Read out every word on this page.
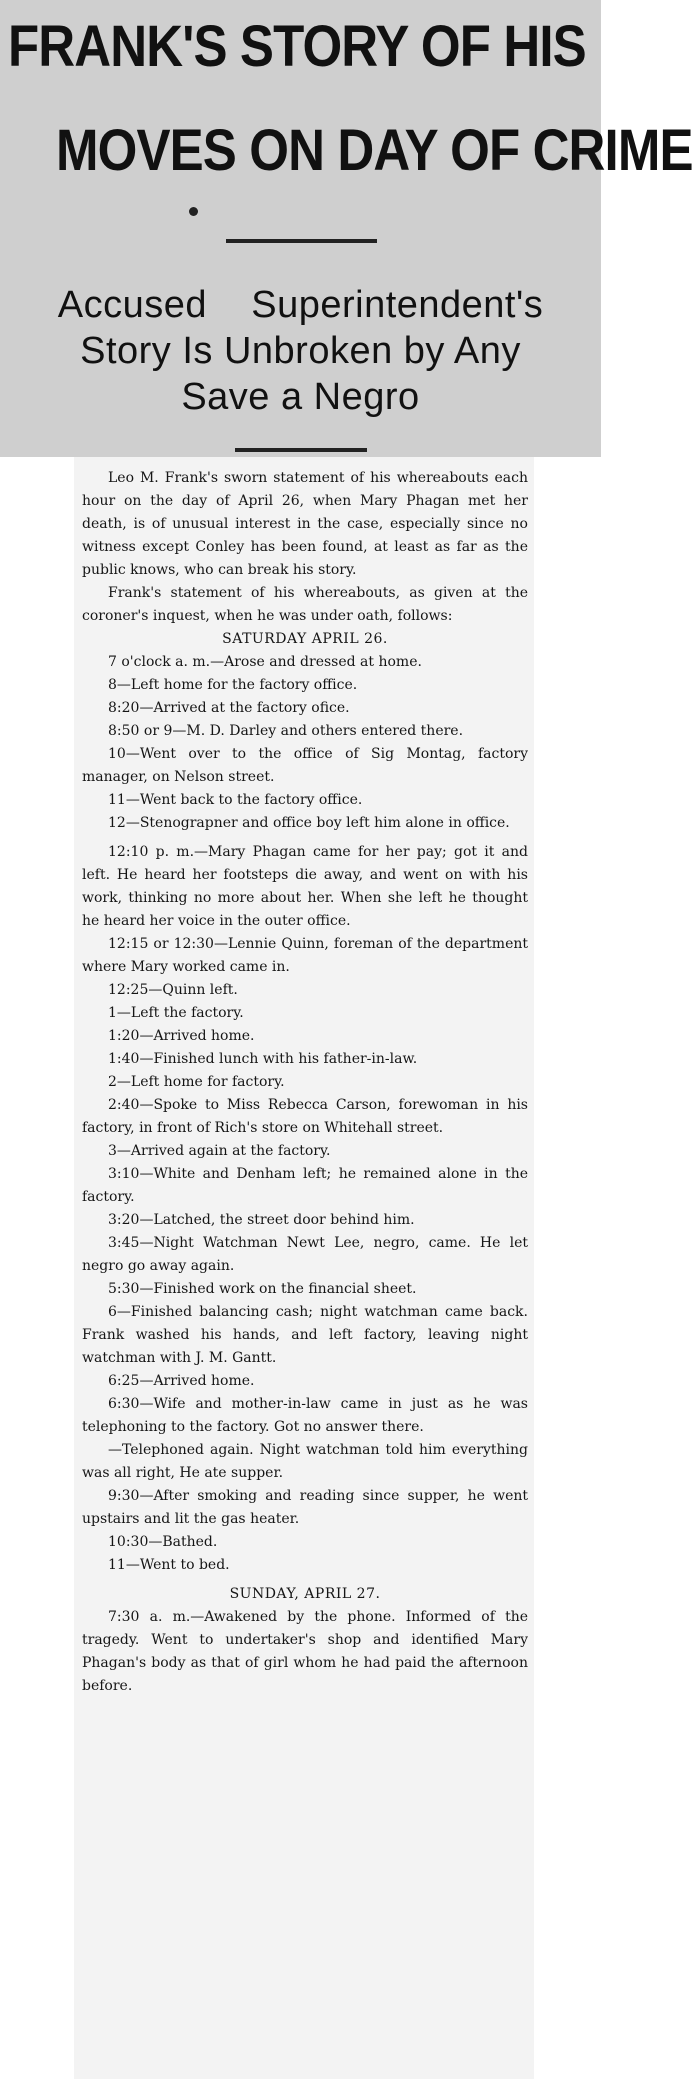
FRANK'S STORY OF HIS
MOVES ON DAY OF CRIME
Accused    Superintendent's
Story Is Unbroken by Any
Save a Negro

Leo M. Frank's sworn statement of his whereabouts each hour on the day of April 26, when Mary Phagan met her death, is of unusual interest in the case, especially since no witness except Conley has been found, at least as far as the public knows, who can break his story.

Frank's statement of his whereabouts, as given at the coroner's inquest, when he was under oath, follows:

SATURDAY APRIL 26.

7 o'clock a. m.—Arose and dressed at home.

8—Left home for the factory office.

8:20—Arrived at the factory ofice.

8:50 or 9—M. D. Darley and others entered there.

10—Went over to the office of Sig Montag, factory manager, on Nelson street.

11—Went back to the factory office.

12—Stenograpner and office boy left him alone in office.

12:10 p. m.—Mary Phagan came for her pay; got it and left. He heard her footsteps die away, and went on with his work, thinking no more about her. When she left he thought he heard her voice in the outer office.

12:15 or 12:30—Lennie Quinn, foreman of the department where Mary worked came in.

12:25—Quinn left.

1—Left the factory.

1:20—Arrived home.

1:40—Finished lunch with his father-in-law.

2—Left home for factory.

2:40—Spoke to Miss Rebecca Carson, forewoman in his factory, in front of Rich's store on Whitehall street.

3—Arrived again at the factory.

3:10—White and Denham left; he remained alone in the factory.

3:20—Latched, the street door behind him.

3:45—Night Watchman Newt Lee, negro, came. He let negro go away again.

5:30—Finished work on the financial sheet.

6—Finished balancing cash; night watchman came back. Frank washed his hands, and left factory, leaving night watchman with J. M. Gantt.

6:25—Arrived home.

6:30—Wife and mother-in-law came in just as he was telephoning to the factory. Got no answer there.

—Telephoned again. Night watchman told him everything was all right, He ate supper.

9:30—After smoking and reading since supper, he went upstairs and lit the gas heater.

10:30—Bathed.

11—Went to bed.

SUNDAY, APRIL 27.

7:30 a. m.—Awakened by the phone. Informed of the tragedy. Went to undertaker's shop and identified Mary Phagan's body as that of girl whom he had paid the afternoon before.
